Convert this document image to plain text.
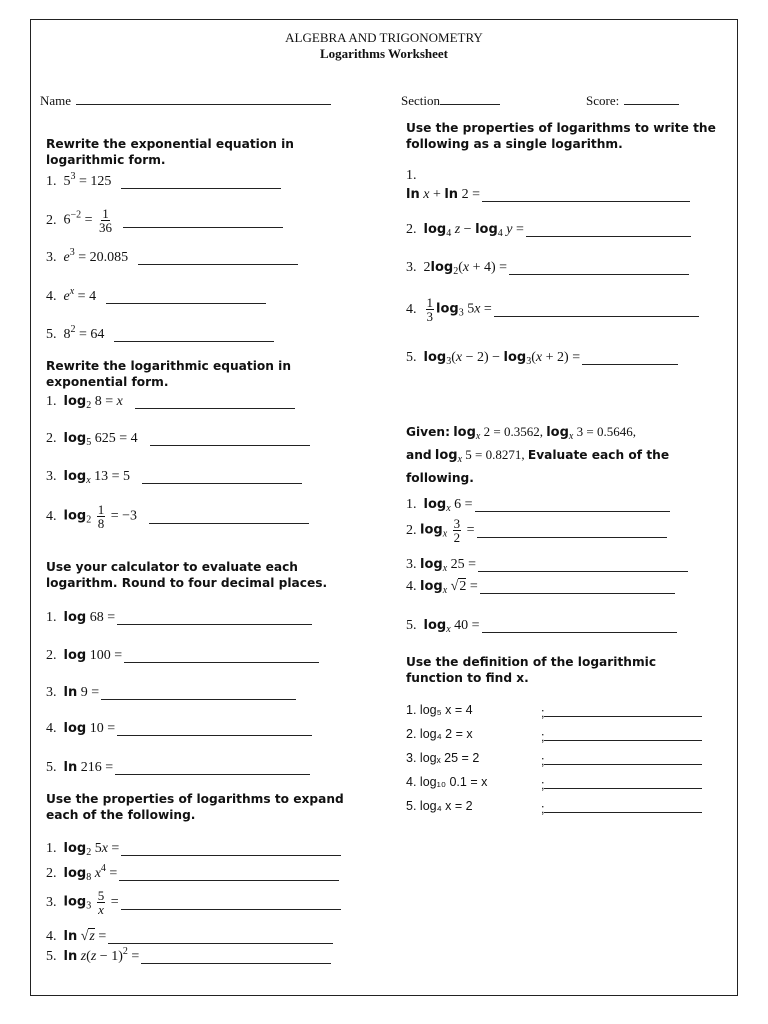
ALGEBRA AND TRIGONOMETRY
Logarithms Worksheet
Name	Section	Score:
Rewrite the exponential equation in logarithmic form.
1.
$5^3 = 125$
2.
$6^{-2} = \frac{1}{36}$
3.
$e^3 = 20.085$
4.
$e^x = 4$
5.
$8^2 = 64$
Rewrite the logarithmic equation in exponential form.
1.
$\log_2 8 = x$
2.
$\log_5 625 = 4$
3.
$\log_x 13 = 5$
4.
$\log_2 \frac{1}{8} = -3$
Use your calculator to evaluate each logarithm. Round to four decimal places.
1.
log 68 =
2.
log 100 =
3.
ln 9 =
4.
log 10 =
5.
ln 216 =
Use the properties of logarithms to expand each of the following.
1.
$\log_2 5x$ =
2.
$\log_8 x^4$ =
3.
$\log_3 \frac{5}{x}$ =
4.
ln √z =
5.
$\ln z(z - 1)^2$ =
Use the properties of logarithms to write the following as a single logarithm.
1.
ln x + ln 2 =
2.
$\log_4 z - \log_4 y$ =
3.
$2\log_2(x + 4)$ =
4.
$\frac{1}{3} \log_3 5x$ =
5.
$\log_3(x - 2) - \log_3(x + 2)$ =
Given: $\log_x 2 = 0.3562$, $\log_x 3 = 0.5646$,
and $\log_x 5 = 0.8271$, Evaluate each of the following.
1.
$\log_x 6$ =
2.
$\log_x \frac{3}{2}$ =
3.
$\log_x 25$ =
4.
$\log_x √2$ =
5.
$\log_x 40$ =
Use the definition of the logarithmic function to find x.
1. log₅ x = 4	;
2. log₄ 2 = x	;
3. logₓ 25 = 2	;
4. log₁₀ 0.1 = x	;
5. log₄ x = 2	;
